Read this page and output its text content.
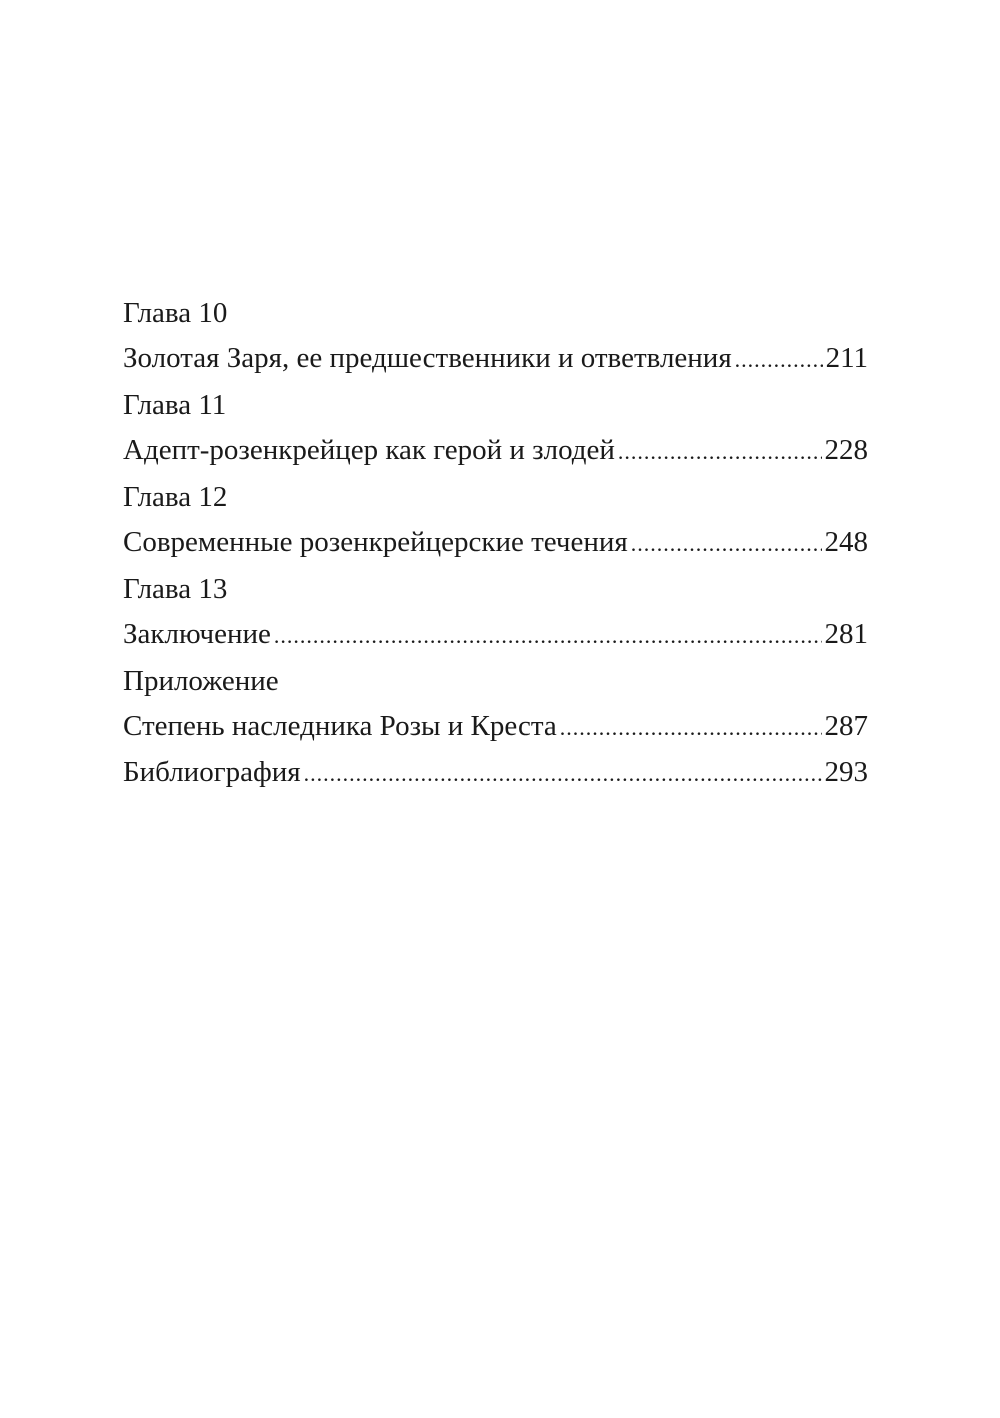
Глава 10
Золотая Заря, ее предшественники и ответвления .....	211
Глава 11
Адепт-розенкрейцер как герой и злодей .....	228
Глава 12
Современные розенкрейцерские течения .....	248
Глава 13
Заключение .....	281
Приложение
Степень наследника Розы и Креста .....	287
Библиография .....	293
